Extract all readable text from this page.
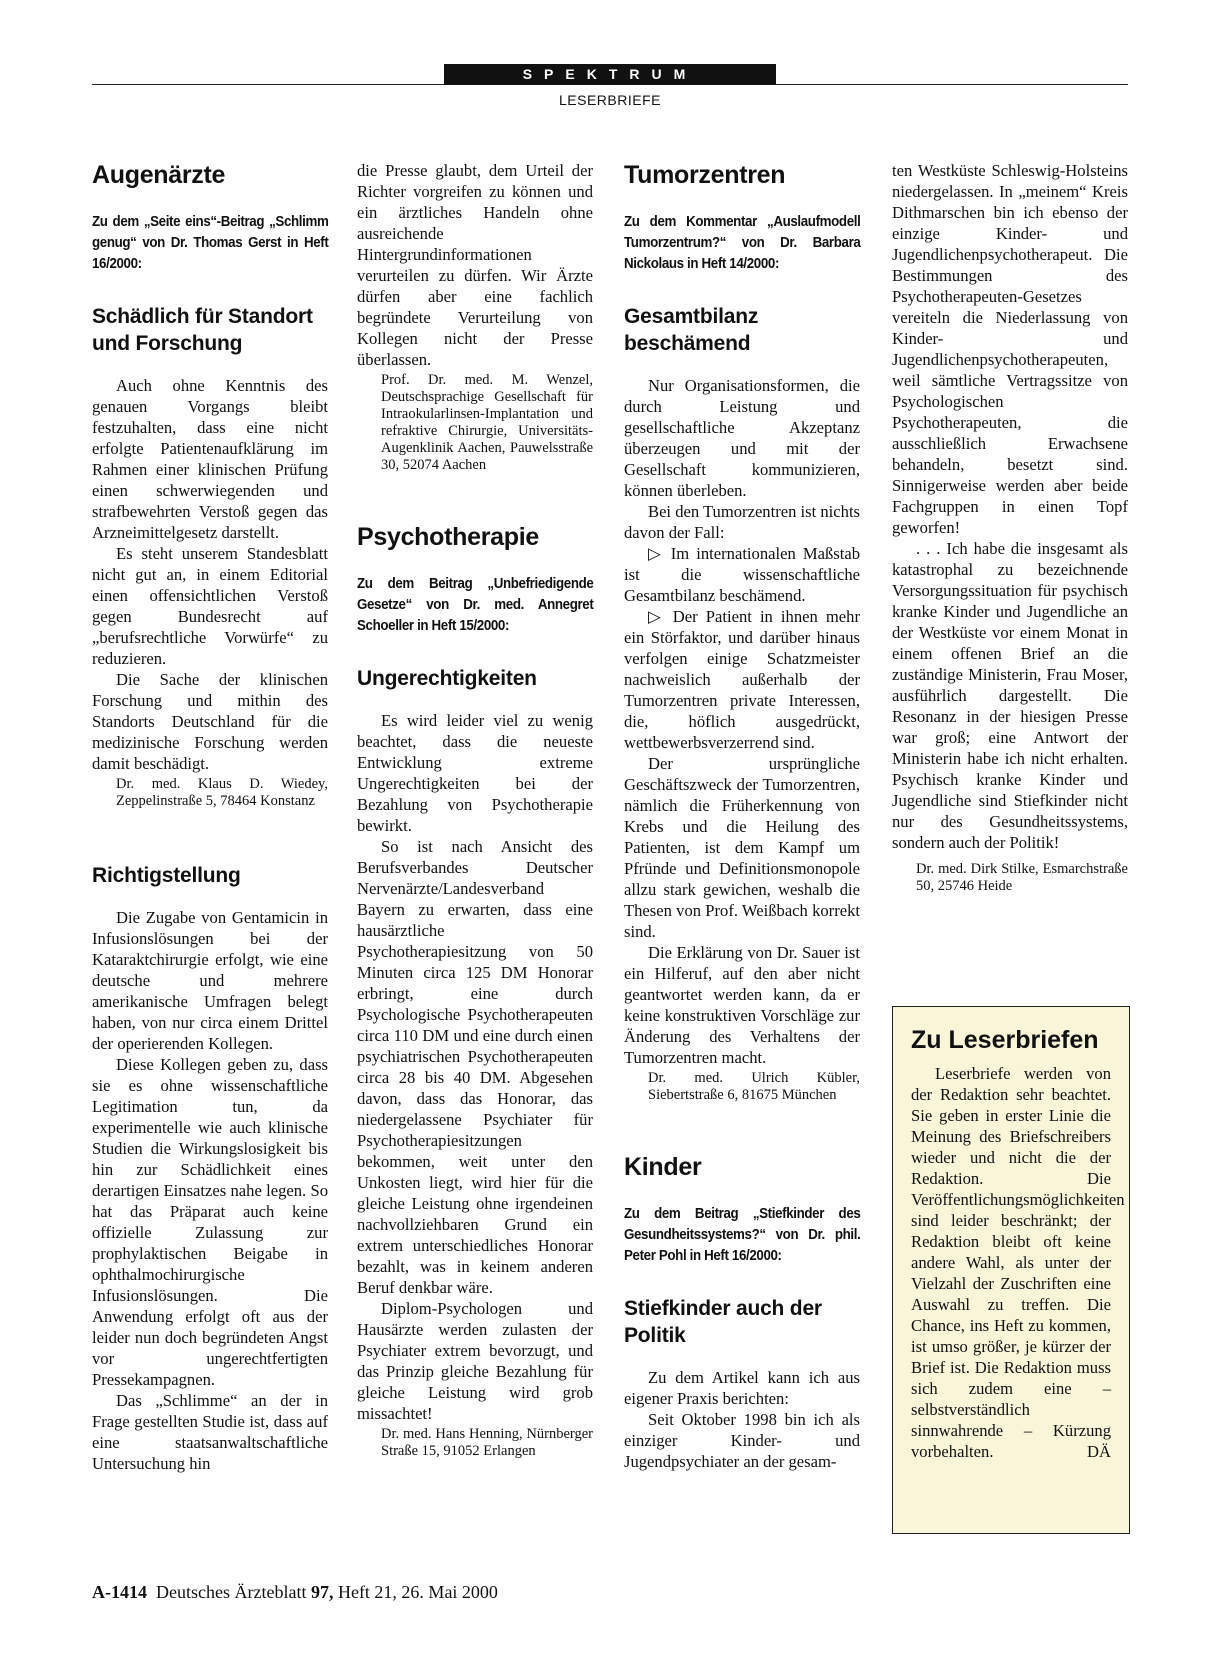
SPEKTRUM
LESERBRIEFE
Augenärzte
Zu dem „Seite eins“-Beitrag „Schlimm genug“ von Dr. Thomas Gerst in Heft 16/2000:
Schädlich für Standort und Forschung

Auch ohne Kenntnis des genauen Vorgangs bleibt festzuhalten, dass eine nicht erfolgte Patientenaufklärung im Rahmen einer klinischen Prüfung einen schwerwiegenden und strafbewehrten Verstoß gegen das Arzneimittelgesetz darstellt.

Es steht unserem Standesblatt nicht gut an, in einem Editorial einen offensichtlichen Verstoß gegen Bundesrecht auf „berufsrechtliche Vorwürfe“ zu reduzieren.

Die Sache der klinischen Forschung und mithin des Standorts Deutschland für die medizinische Forschung werden damit beschädigt.

Dr. med. Klaus D. Wiedey, Zeppelinstraße 5, 78464 Konstanz
Richtigstellung

Die Zugabe von Gentamicin in Infusionslösungen bei der Kataraktchirurgie erfolgt, wie eine deutsche und mehrere amerikanische Umfragen belegt haben, von nur circa einem Drittel der operierenden Kollegen.

Diese Kollegen geben zu, dass sie es ohne wissenschaftliche Legitimation tun, da experimentelle wie auch klinische Studien die Wirkungslosigkeit bis hin zur Schädlichkeit eines derartigen Einsatzes nahe legen. So hat das Präparat auch keine offizielle Zulassung zur prophylaktischen Beigabe in ophthalmochirurgische Infusionslösungen. Die Anwendung erfolgt oft aus der leider nun doch begründeten Angst vor ungerechtfertigten Pressekampagnen.

Das „Schlimme“ an der in Frage gestellten Studie ist, dass auf eine staatsanwaltschaftliche Untersuchung hin

die Presse glaubt, dem Urteil der Richter vorgreifen zu können und ein ärztliches Handeln ohne ausreichende Hintergrundinformationen verurteilen zu dürfen. Wir Ärzte dürfen aber eine fachlich begründete Verurteilung von Kollegen nicht der Presse überlassen.

Prof. Dr. med. M. Wenzel, Deutschsprachige Gesellschaft für Intraokularlinsen-Implantation und refraktive Chirurgie, Universitäts-Augenklinik Aachen, Pauwelsstraße 30, 52074 Aachen
Psychotherapie
Zu dem Beitrag „Unbefriedigende Gesetze“ von Dr. med. Annegret Schoeller in Heft 15/2000:
Ungerechtigkeiten

Es wird leider viel zu wenig beachtet, dass die neueste Entwicklung extreme Ungerechtigkeiten bei der Bezahlung von Psychotherapie bewirkt.

So ist nach Ansicht des Berufsverbandes Deutscher Nervenärzte/Landesverband Bayern zu erwarten, dass eine hausärztliche Psychotherapiesitzung von 50 Minuten circa 125 DM Honorar erbringt, eine durch Psychologische Psychotherapeuten circa 110 DM und eine durch einen psychiatrischen Psychotherapeuten circa 28 bis 40 DM. Abgesehen davon, dass das Honorar, das niedergelassene Psychiater für Psychotherapiesitzungen bekommen, weit unter den Unkosten liegt, wird hier für die gleiche Leistung ohne irgendeinen nachvollziehbaren Grund ein extrem unterschiedliches Honorar bezahlt, was in keinem anderen Beruf denkbar wäre.

Diplom-Psychologen und Hausärzte werden zulasten der Psychiater extrem bevorzugt, und das Prinzip gleiche Bezahlung für gleiche Leistung wird grob missachtet!

Dr. med. Hans Henning, Nürnberger Straße 15, 91052 Erlangen
Tumorzentren
Zu dem Kommentar „Auslaufmodell Tumorzentrum?“ von Dr. Barbara Nickolaus in Heft 14/2000:
Gesamtbilanz beschämend

Nur Organisationsformen, die durch Leistung und gesellschaftliche Akzeptanz überzeugen und mit der Gesellschaft kommunizieren, können überleben.

Bei den Tumorzentren ist nichts davon der Fall:

▷ Im internationalen Maßstab ist die wissenschaftliche Gesamtbilanz beschämend.

▷ Der Patient in ihnen mehr ein Störfaktor, und darüber hinaus verfolgen einige Schatzmeister nachweislich außerhalb der Tumorzentren private Interessen, die, höflich ausgedrückt, wettbewerbsverzerrend sind.

Der ursprüngliche Geschäftszweck der Tumorzentren, nämlich die Früherkennung von Krebs und die Heilung des Patienten, ist dem Kampf um Pfründe und Definitionsmonopole allzu stark gewichen, weshalb die Thesen von Prof. Weißbach korrekt sind.

Die Erklärung von Dr. Sauer ist ein Hilferuf, auf den aber nicht geantwortet werden kann, da er keine konstruktiven Vorschläge zur Änderung des Verhaltens der Tumorzentren macht.

Dr. med. Ulrich Kübler, Siebertstraße 6, 81675 München
Kinder
Zu dem Beitrag „Stiefkinder des Gesundheitssystems?“ von Dr. phil. Peter Pohl in Heft 16/2000:
Stiefkinder auch der Politik

Zu dem Artikel kann ich aus eigener Praxis berichten:

Seit Oktober 1998 bin ich als einziger Kinder- und Jugendpsychiater an der gesam-

ten Westküste Schleswig-Holsteins niedergelassen. In „meinem“ Kreis Dithmarschen bin ich ebenso der einzige Kinder- und Jugendlichenpsychotherapeut. Die Bestimmungen des Psychotherapeuten-Gesetzes vereiteln die Niederlassung von Kinder- und Jugendlichenpsychotherapeuten, weil sämtliche Vertragssitze von Psychologischen Psychotherapeuten, die ausschließlich Erwachsene behandeln, besetzt sind. Sinnigerweise werden aber beide Fachgruppen in einen Topf geworfen!

. . . Ich habe die insgesamt als katastrophal zu bezeichnende Versorgungssituation für psychisch kranke Kinder und Jugendliche an der Westküste vor einem Monat in einem offenen Brief an die zuständige Ministerin, Frau Moser, ausführlich dargestellt. Die Resonanz in der hiesigen Presse war groß; eine Antwort der Ministerin habe ich nicht erhalten. Psychisch kranke Kinder und Jugendliche sind Stiefkinder nicht nur des Gesundheitssystems, sondern auch der Politik!

Dr. med. Dirk Stilke, Esmarchstraße 50, 25746 Heide
Zu Leserbriefen

Leserbriefe werden von der Redaktion sehr beachtet. Sie geben in erster Linie die Meinung des Briefschreibers wieder und nicht die der Redaktion. Die Veröffentlichungsmöglichkeiten sind leider beschränkt; der Redaktion bleibt oft keine andere Wahl, als unter der Vielzahl der Zuschriften eine Auswahl zu treffen. Die Chance, ins Heft zu kommen, ist umso größer, je kürzer der Brief ist. Die Redaktion muss sich zudem eine – selbstverständlich sinnwahrende – Kürzung vorbehalten.	DÄ

A-1414 Deutsches Ärzteblatt 97, Heft 21, 26. Mai 2000
